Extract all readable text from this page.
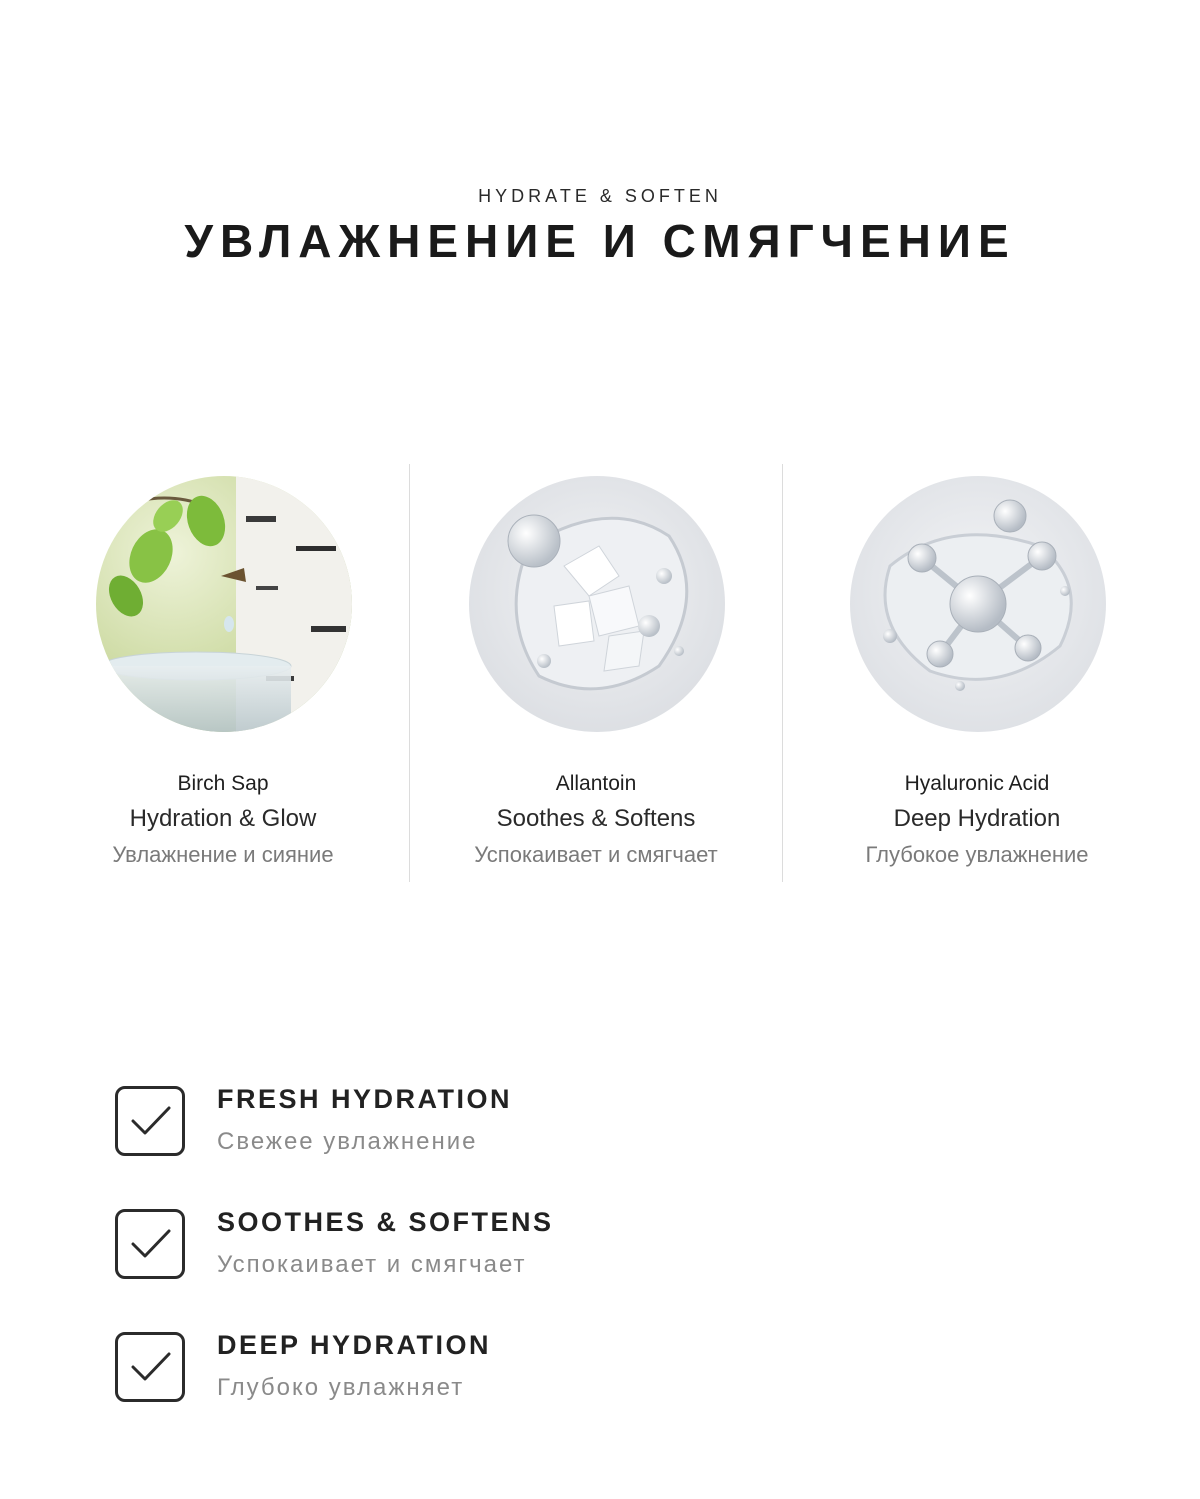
HYDRATE & SOFTEN
УВЛАЖНЕНИЕ И СМЯГЧЕНИЕ
Birch Sap
Hydration & Glow
Увлажнение и сияние
Allantoin
Soothes & Softens
Успокаивает и смягчает
Hyaluronic Acid
Deep Hydration
Глубокое увлажнение
FRESH HYDRATION
Свежее увлажнение
SOOTHES & SOFTENS
Успокаивает и смягчает
DEEP HYDRATION
Глубоко увлажняет
